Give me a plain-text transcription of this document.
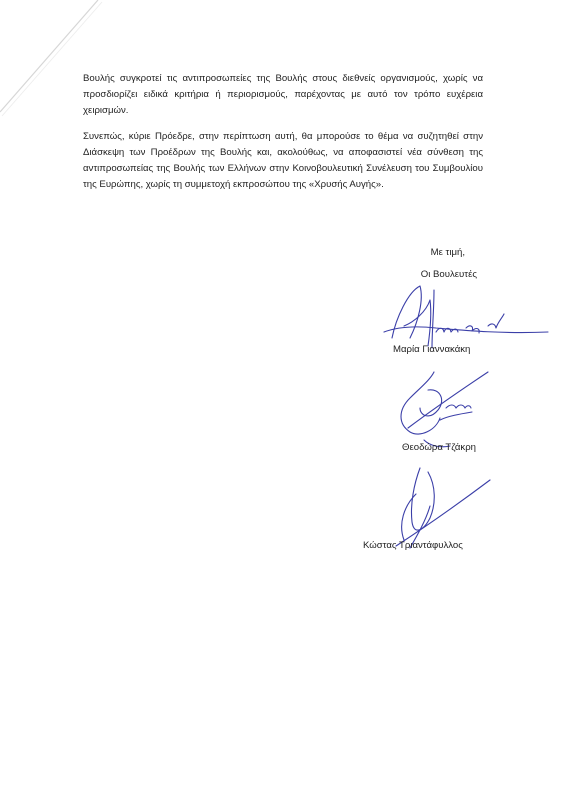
Βουλής συγκροτεί τις αντιπροσωπείες της Βουλής στους διεθνείς οργανισμούς, χωρίς να προσδιορίζει ειδικά κριτήρια ή περιορισμούς, παρέχοντας με αυτό τον τρόπο ευχέρεια χειρισμών.

Συνεπώς, κύριε Πρόεδρε, στην περίπτωση αυτή, θα μπορούσε το θέμα να συζητηθεί στην Διάσκεψη των Προέδρων της Βουλής και, ακολούθως, να αποφασιστεί νέα σύνθεση της αντιπροσωπείας της Βουλής των Ελλήνων στην Κοινοβουλευτική Συνέλευση του Συμβουλίου της Ευρώπης, χωρίς τη συμμετοχή εκπροσώπου της «Χρυσής Αυγής».

Με τιμή,
Οι Βουλευτές
Μαρία Γιαννακάκη
Θεοδώρα Τζάκρη
Κώστας Τριαντάφυλλος
